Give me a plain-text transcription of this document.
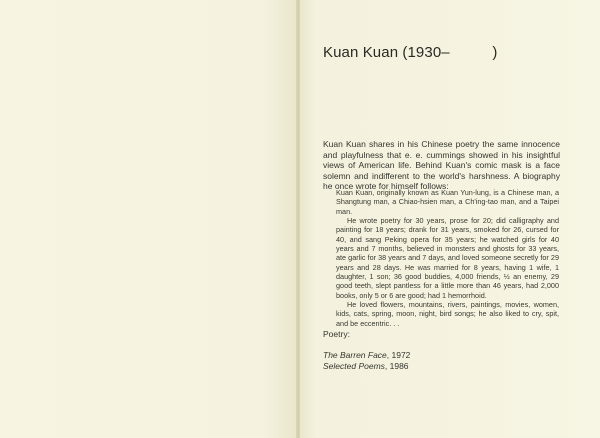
Kuan Kuan (1930–	)

Kuan Kuan shares in his Chinese poetry the same innocence and playfulness that e. e. cummings showed in his insightful views of American life. Behind Kuan's comic mask is a face solemn and indifferent to the world's harshness. A biography he once wrote for himself follows:

Kuan Kuan, originally known as Kuan Yun-lung, is a Chinese man, a Shangtung man, a Chiao-hsien man, a Ch'ing-tao man, and a Taipei man.

He wrote poetry for 30 years, prose for 20; did calligraphy and painting for 18 years; drank for 31 years, smoked for 26, cursed for 40, and sang Peking opera for 35 years; he watched girls for 40 years and 7 months, believed in monsters and ghosts for 33 years, ate garlic for 38 years and 7 days, and loved someone secretly for 29 years and 28 days. He was married for 8 years, having 1 wife, 1 daughter, 1 son; 36 good buddies, 4,000 friends, ½ an enemy, 29 good teeth, slept pantless for a little more than 46 years, had 2,000 books, only 5 or 6 are good; had 1 hemorrhoid.

He loved flowers, mountains, rivers, paintings, movies, women, kids, cats, spring, moon, night, bird songs; he also liked to cry, spit, and be eccentric. . .

Poetry:
The Barren Face, 1972
Selected Poems, 1986
